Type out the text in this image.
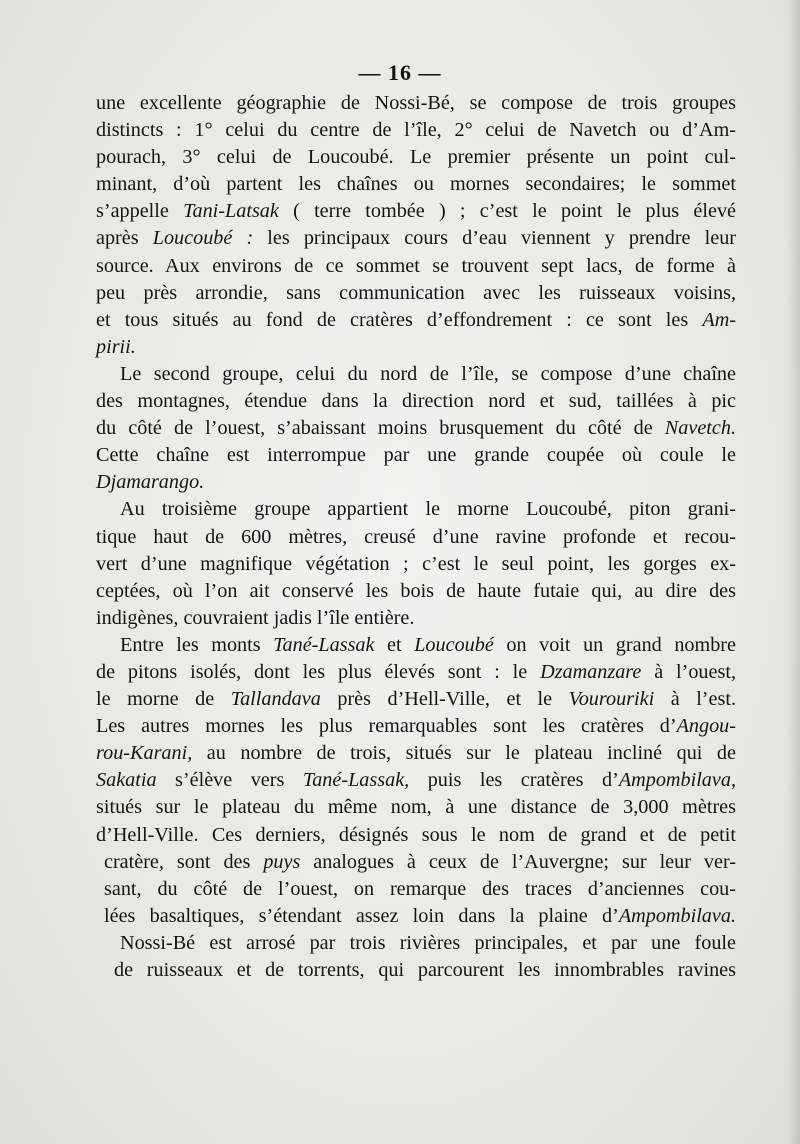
— 16 —
une excellente géographie de Nossi-Bé, se compose de trois groupes
distincts : 1° celui du centre de l’île, 2° celui de Navetch ou d’Am-
pourach, 3° celui de Loucoubé. Le premier présente un point cul-
minant, d’où partent les chaînes ou mornes secondaires; le sommet
s’appelle Tani-Latsak ( terre tombée ) ; c’est le point le plus élevé
après Loucoubé : les principaux cours d’eau viennent y prendre leur
source. Aux environs de ce sommet se trouvent sept lacs, de forme à
peu près arrondie, sans communication avec les ruisseaux voisins,
et tous situés au fond de cratères d’effondrement : ce sont les Am-
pirii.
Le second groupe, celui du nord de l’île, se compose d’une chaîne
des montagnes, étendue dans la direction nord et sud, taillées à pic
du côté de l’ouest, s’abaissant moins brusquement du côté de Navetch.
Cette chaîne est interrompue par une grande coupée où coule le
Djamarango.
Au troisième groupe appartient le morne Loucoubé, piton grani-
tique haut de 600 mètres, creusé d’une ravine profonde et recou-
vert d’une magnifique végétation ; c’est le seul point, les gorges ex-
ceptées, où l’on ait conservé les bois de haute futaie qui, au dire des
indigènes, couvraient jadis l’île entière.
Entre les monts Tané-Lassak et Loucoubé on voit un grand nombre
de pitons isolés, dont les plus élevés sont : le Dzamanzare à l’ouest,
le morne de Tallandava près d’Hell-Ville, et le Vourouriki à l’est.
Les autres mornes les plus remarquables sont les cratères d’Angou-
rou-Karani, au nombre de trois, situés sur le plateau incliné qui de
Sakatia s’élève vers Tané-Lassak, puis les cratères d’Ampombilava,
situés sur le plateau du même nom, à une distance de 3,000 mètres
d’Hell-Ville. Ces derniers, désignés sous le nom de grand et de petit
cratère, sont des puys analogues à ceux de l’Auvergne; sur leur ver-
sant, du côté de l’ouest, on remarque des traces d’anciennes cou-
lées basaltiques, s’étendant assez loin dans la plaine d’Ampombilava.
Nossi-Bé est arrosé par trois rivières principales, et par une foule
de ruisseaux et de torrents, qui parcourent les innombrables ravines
